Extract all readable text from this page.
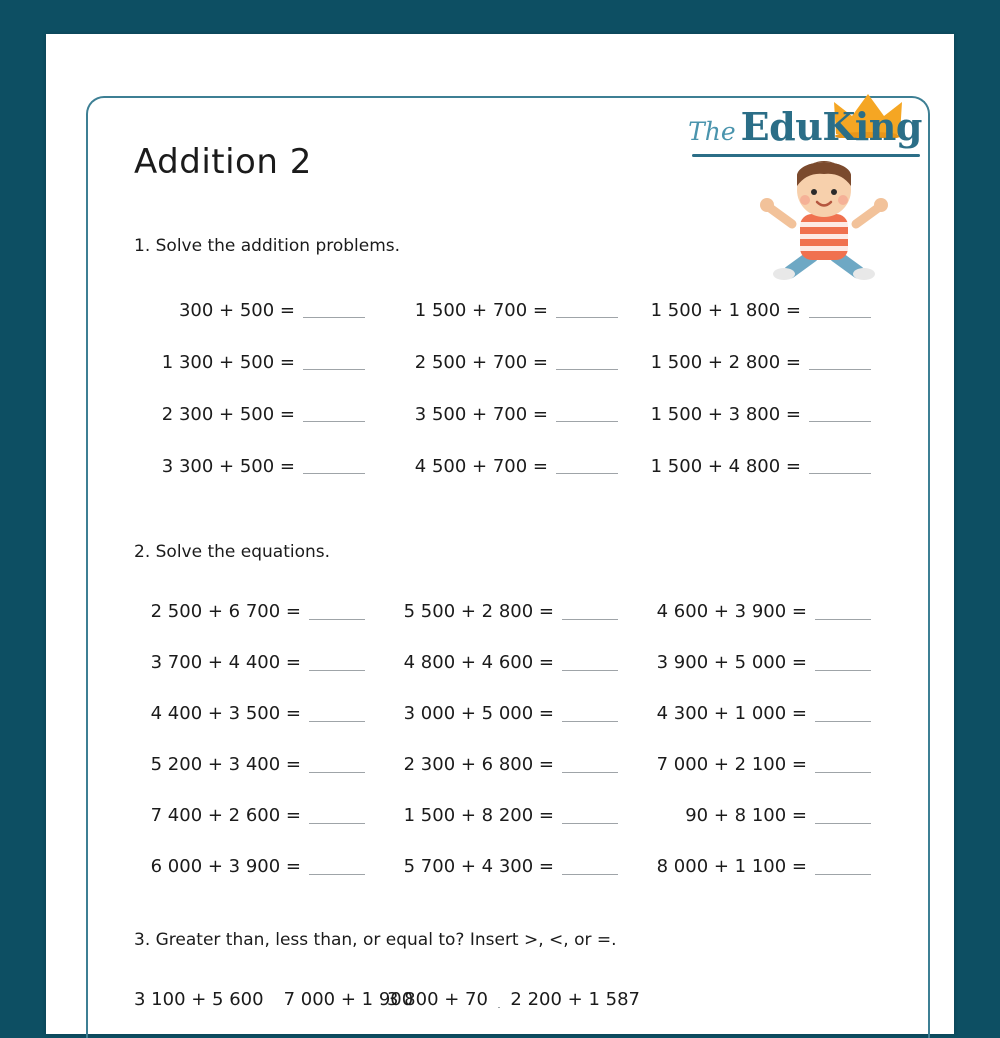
The EduKing
Addition 2
1. Solve the addition problems.
300 + 500 =	1 500 + 700 =	1 500 + 1 800 =
1 300 + 500 =	2 500 + 700 =	1 500 + 2 800 =
2 300 + 500 =	3 500 + 700 =	1 500 + 3 800 =
3 300 + 500 =	4 500 + 700 =	1 500 + 4 800 =
2. Solve the equations.
2 500 + 6 700 =	5 500 + 2 800 =	4 600 + 3 900 =
3 700 + 4 400 =	4 800 + 4 600 =	3 900 + 5 000 =
4 400 + 3 500 =	3 000 + 5 000 =	4 300 + 1 000 =
5 200 + 3 400 =	2 300 + 6 800 =	7 000 + 2 100 =
7 400 + 2 600 =	1 500 + 8 200 =	90 + 8 100 =
6 000 + 3 900 =	5 700 + 4 300 =	8 000 + 1 100 =
3. Greater than, less than, or equal to? Insert >, <, or =.
3 100 + 5 600 7 000 + 1 900
3 800 + 70 2 200 + 1 587
